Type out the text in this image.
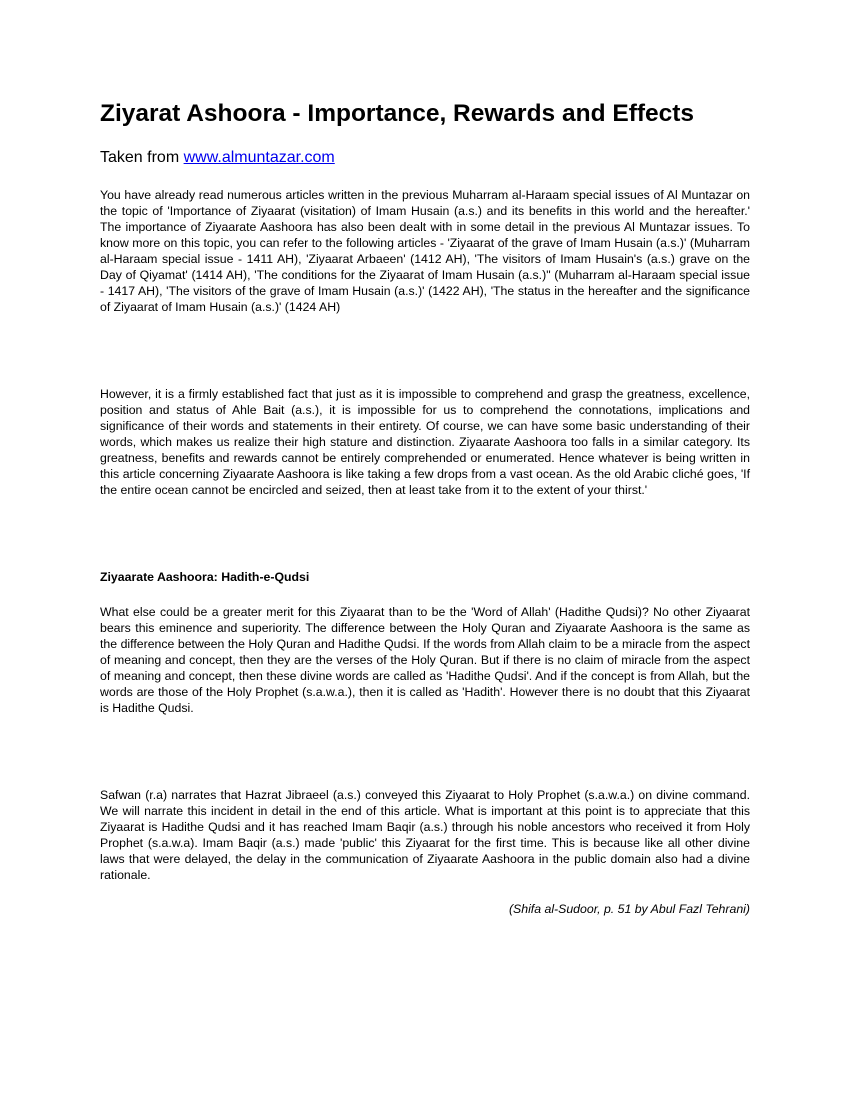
Ziyarat Ashoora - Importance, Rewards and Effects

Taken from www.almuntazar.com

You have already read numerous articles written in the previous Muharram al-Haraam special issues of Al Muntazar on the topic of 'Importance of Ziyaarat (visitation) of Imam Husain (a.s.) and its benefits in this world and the hereafter.' The importance of Ziyaarate Aashoora has also been dealt with in some detail in the previous Al Muntazar issues. To know more on this topic, you can refer to the following articles - 'Ziyaarat of the grave of Imam Husain (a.s.)' (Muharram al-Haraam special issue - 1411 AH), 'Ziyaarat Arbaeen' (1412 AH), 'The visitors of Imam Husain's (a.s.) grave on the Day of Qiyamat' (1414 AH), 'The conditions for the Ziyaarat of Imam Husain (a.s.)" (Muharram al-Haraam special issue - 1417 AH), 'The visitors of the grave of Imam Husain (a.s.)' (1422 AH), 'The status in the hereafter and the significance of Ziyaarat of Imam Husain (a.s.)' (1424 AH)

However, it is a firmly established fact that just as it is impossible to comprehend and grasp the greatness, excellence, position and status of Ahle Bait (a.s.), it is impossible for us to comprehend the connotations, implications and significance of their words and statements in their entirety. Of course, we can have some basic understanding of their words, which makes us realize their high stature and distinction. Ziyaarate Aashoora too falls in a similar category. Its greatness, benefits and rewards cannot be entirely comprehended or enumerated. Hence whatever is being written in this article concerning Ziyaarate Aashoora is like taking a few drops from a vast ocean. As the old Arabic cliché goes, 'If the entire ocean cannot be encircled and seized, then at least take from it to the extent of your thirst.'

Ziyaarate Aashoora: Hadith-e-Qudsi

What else could be a greater merit for this Ziyaarat than to be the 'Word of Allah' (Hadithe Qudsi)? No other Ziyaarat bears this eminence and superiority. The difference between the Holy Quran and Ziyaarate Aashoora is the same as the difference between the Holy Quran and Hadithe Qudsi. If the words from Allah claim to be a miracle from the aspect of meaning and concept, then they are the verses of the Holy Quran. But if there is no claim of miracle from the aspect of meaning and concept, then these divine words are called as 'Hadithe Qudsi'. And if the concept is from Allah, but the words are those of the Holy Prophet (s.a.w.a.), then it is called as 'Hadith'. However there is no doubt that this Ziyaarat is Hadithe Qudsi.

Safwan (r.a) narrates that Hazrat Jibraeel (a.s.) conveyed this Ziyaarat to Holy Prophet (s.a.w.a.) on divine command. We will narrate this incident in detail in the end of this article. What is important at this point is to appreciate that this Ziyaarat is Hadithe Qudsi and it has reached Imam Baqir (a.s.) through his noble ancestors who received it from Holy Prophet (s.a.w.a). Imam Baqir (a.s.) made 'public' this Ziyaarat for the first time. This is because like all other divine laws that were delayed, the delay in the communication of Ziyaarate Aashoora in the public domain also had a divine rationale.

(Shifa al-Sudoor, p. 51 by Abul Fazl Tehrani)
